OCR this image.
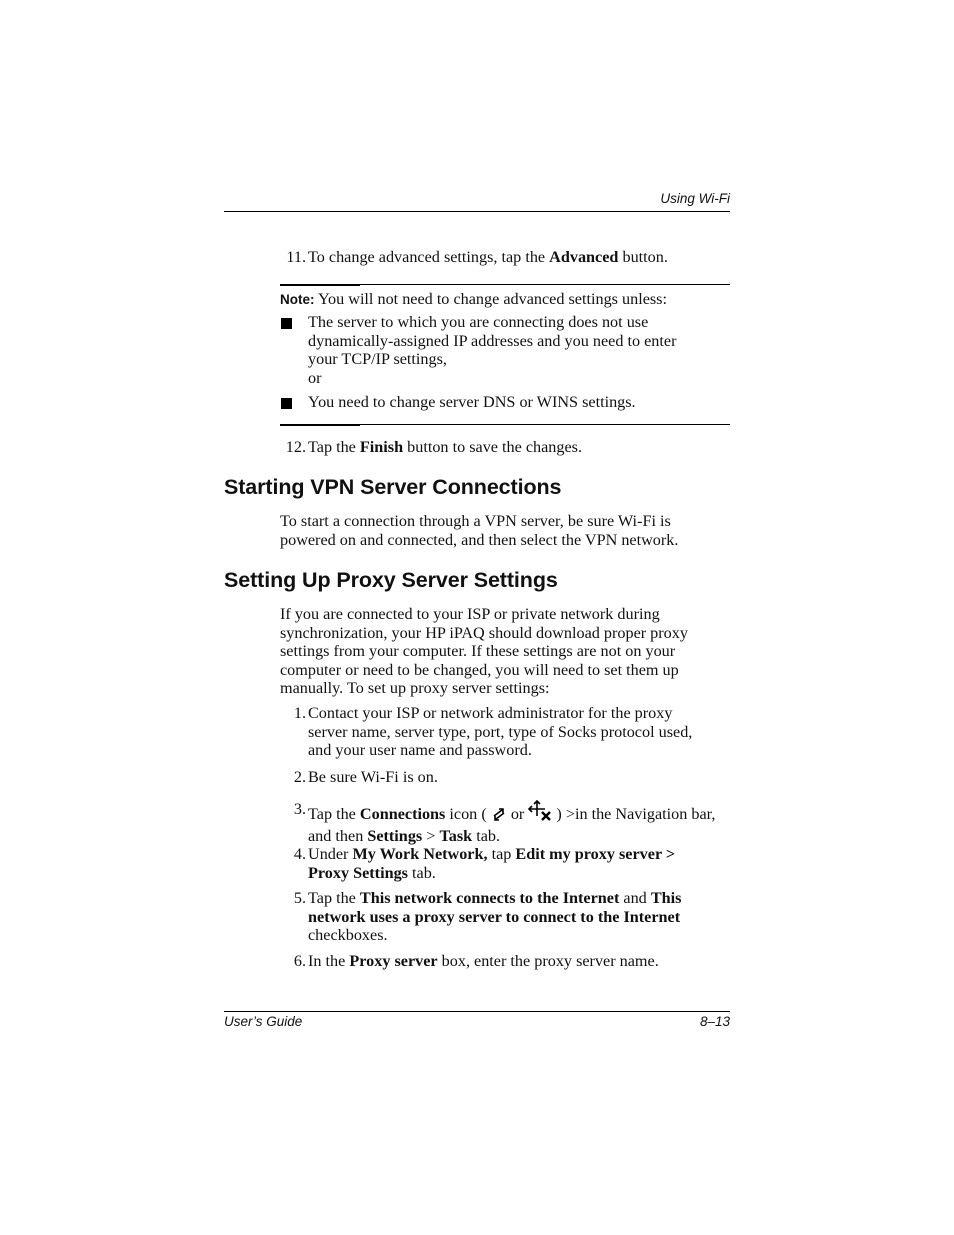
Using Wi-Fi
11. To change advanced settings, tap the Advanced button.
Note: You will not need to change advanced settings unless:
The server to which you are connecting does not use
dynamically-assigned IP addresses and you need to enter
your TCP/IP settings,
or
You need to change server DNS or WINS settings.
12. Tap the Finish button to save the changes.
Starting VPN Server Connections
To start a connection through a VPN server, be sure Wi-Fi is
powered on and connected, and then select the VPN network.
Setting Up Proxy Server Settings
If you are connected to your ISP or private network during
synchronization, your HP iPAQ should download proper proxy
settings from your computer. If these settings are not on your
computer or need to be changed, you will need to set them up
manually. To set up proxy server settings:
1. Contact your ISP or network administrator for the proxy
server name, server type, port, type of Socks protocol used,
and your user name and password.
2. Be sure Wi-Fi is on.
3. Tap the Connections icon (  or  ) >in the Navigation bar,
and then Settings > Task tab.
4. Under My Work Network, tap Edit my proxy server >
Proxy Settings tab.
5. Tap the This network connects to the Internet and This
network uses a proxy server to connect to the Internet
checkboxes.
6. In the Proxy server box, enter the proxy server name.
User’s Guide	8–13
